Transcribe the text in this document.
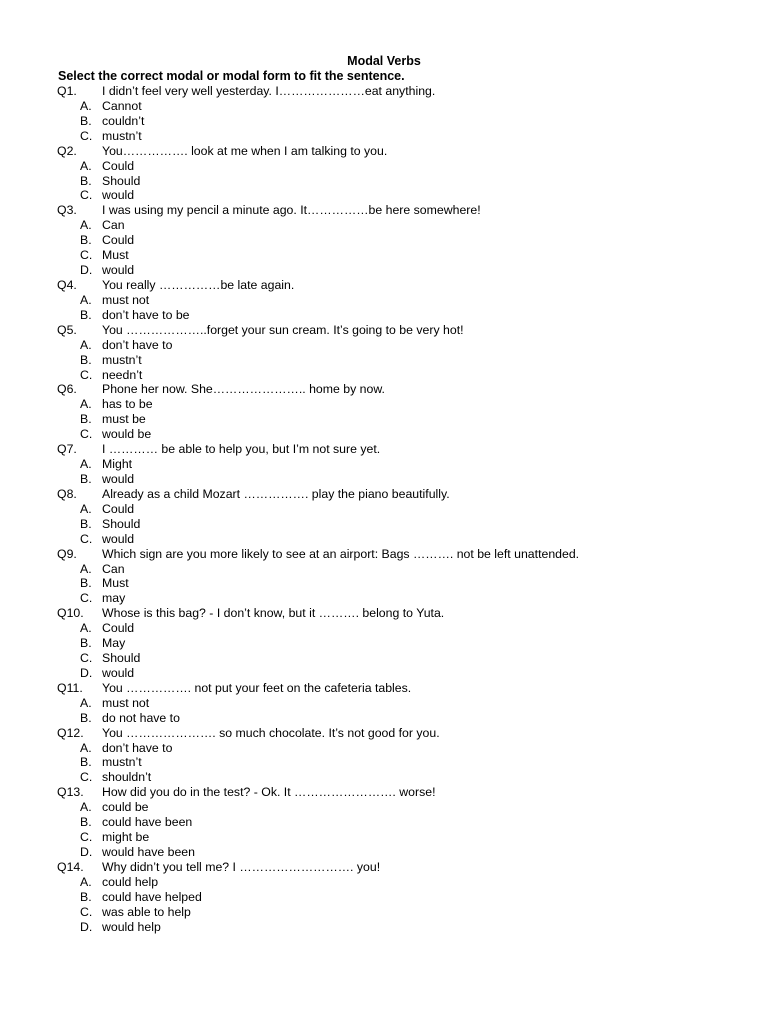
Modal Verbs
Select the correct modal or modal form to fit the sentence.
Q1. I didn’t feel very well yesterday. I…………………eat anything.
A. Cannot
B. couldn’t
C. mustn’t
Q2. You……………. look at me when I am talking to you.
A. Could
B. Should
C. would
Q3. I was using my pencil a minute ago. It……………be here somewhere!
A. Can
B. Could
C. Must
D. would
Q4. You really ……………be late again.
A. must not
B. don’t have to be
Q5. You ………………..forget your sun cream. It’s going to be very hot!
A. don’t have to
B. mustn’t
C. needn’t
Q6. Phone her now. She………………….. home by now.
A. has to be
B. must be
C. would be
Q7. I ………… be able to help you, but I’m not sure yet.
A. Might
B. would
Q8. Already as a child Mozart ……………. play the piano beautifully.
A. Could
B. Should
C. would
Q9. Which sign are you more likely to see at an airport: Bags ………. not be left unattended.
A. Can
B. Must
C. may
Q10. Whose is this bag? - I don’t know, but it ………. belong to Yuta.
A. Could
B. May
C. Should
D. would
Q11. You ……………. not put your feet on the cafeteria tables.
A. must not
B. do not have to
Q12. You …………………. so much chocolate. It’s not good for you.
A. don’t have to
B. mustn’t
C. shouldn’t
Q13. How did you do in the test? - Ok. It ……………………. worse!
A. could be
B. could have been
C. might be
D. would have been
Q14. Why didn’t you tell me? I ………………………. you!
A. could help
B. could have helped
C. was able to help
D. would help
